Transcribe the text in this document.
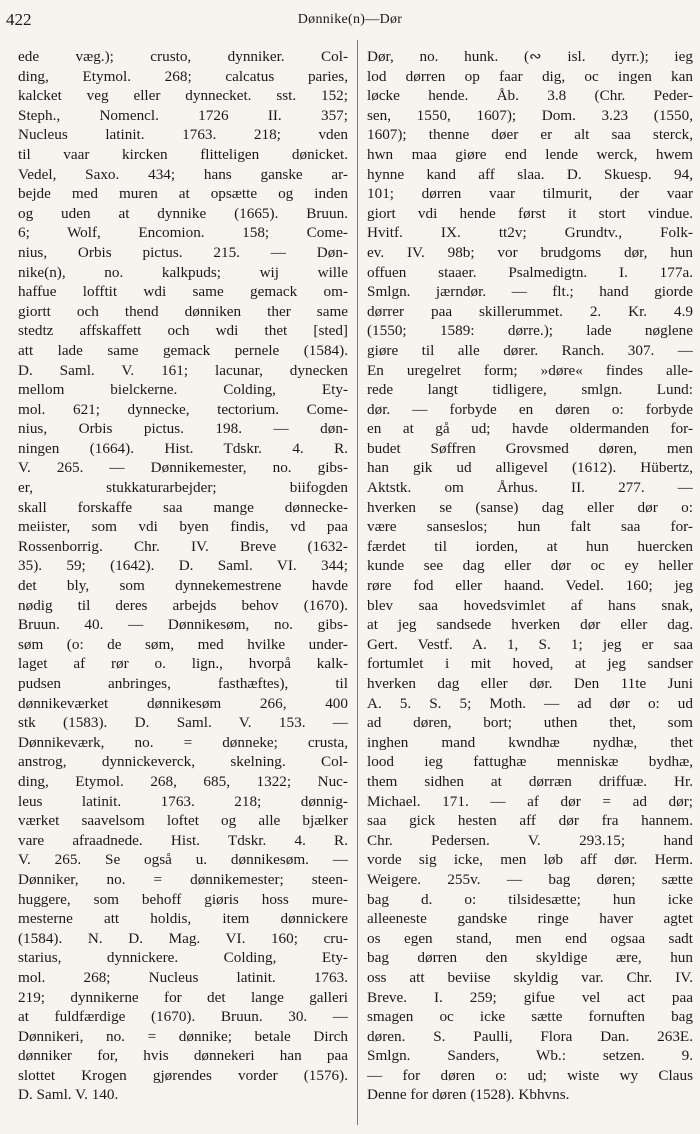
422	Dønnike(n)—Dør
ede væg.); crusto, dynniker. Col-
ding, Etymol. 268; calcatus paries,
kalcket veg eller dynnecket. sst. 152;
Steph., Nomencl. 1726 II. 357;
Nucleus latinit. 1763. 218; vden
til vaar kircken flitteligen dønicket.
Vedel, Saxo. 434; hans ganske ar-
bejde med muren at opsætte og inden
og uden at dynnike (1665). Bruun.
6; Wolf, Encomion. 158; Come-
nius, Orbis pictus. 215. — Døn-
nike(n), no. kalkpuds; wij wille
haffue lofftit wdi same gemack om-
giortt och thend dønniken ther same
stedtz affskaffett och wdi thet [sted]
att lade same gemack pernele (1584).
D. Saml. V. 161; lacunar, dynecken
mellom bielckerne. Colding, Ety-
mol. 621; dynnecke, tectorium. Come-
nius, Orbis pictus. 198. — døn-
ningen (1664). Hist. Tdskr. 4. R.
V. 265. — Dønnikemester, no. gibs-
er, stukkaturarbejder; biifogden
skall forskaffe saa mange dønnecke-
meiister, som vdi byen findis, vd paa
Rossenborrig. Chr. IV. Breve (1632-
35). 59; (1642). D. Saml. VI. 344;
det bly, som dynnekemestrene havde
nødig til deres arbejds behov (1670).
Bruun. 40. — Dønnikesøm, no. gibs-
søm (o: de søm, med hvilke under-
laget af rør o. lign., hvorpå kalk-
pudsen anbringes, fasthæftes), til
dønnikeværket dønnikesøm 266, 400
stk (1583). D. Saml. V. 153. —
Dønnikeværk, no. = dønneke; crusta,
anstrog, dynnickeverck, skelning. Col-
ding, Etymol. 268, 685, 1322; Nuc-
leus latinit. 1763. 218; dønnig-
værket saavelsom loftet og alle bjælker
vare afraadnede. Hist. Tdskr. 4. R.
V. 265. Se også u. dønnikesøm. —
Dønniker, no. = dønnikemester; steen-
huggere, som behoff giøris hoss mure-
mesterne att holdis, item dønnickere
(1584). N. D. Mag. VI. 160; cru-
starius, dynnickere. Colding, Ety-
mol. 268; Nucleus latinit. 1763.
219; dynnikerne for det lange galleri
at fuldfærdige (1670). Bruun. 30. —
Dønnikeri, no. = dønnike; betale Dirch
dønniker for, hvis dønnekeri han paa
slottet Krogen gjørendes vorder (1576).
D. Saml. V. 140.
Dør, no. hunk. (∾ isl. dyrr.); ieg
lod dørren op faar dig, oc ingen kan
løcke hende. Åb. 3.8 (Chr. Peder-
sen, 1550, 1607); Dom. 3.23 (1550,
1607); thenne døer er alt saa sterck,
hwn maa giøre end lende werck, hwem
hynne kand aff slaa. D. Skuesp. 94,
101; dørren vaar tilmurit, der vaar
giort vdi hende først it stort vindue.
Hvitf. IX. tt2v; Grundtv., Folk-
ev. IV. 98b; vor brudgoms dør, hun
offuen staaer. Psalmedigtn. I. 177a.
Smlgn. jærndør. — flt.; hand giorde
dørrer paa skillerummet. 2. Kr. 4.9
(1550; 1589: dørre.); lade nøglene
giøre til alle dører. Ranch. 307. —
En uregelret form; »døre« findes alle-
rede langt tidligere, smlgn. Lund:
dør. — forbyde en døren o: forbyde
en at gå ud; havde oldermanden for-
budet Søffren Grovsmed døren, men
han gik ud alligevel (1612). Hübertz,
Aktstk. om Århus. II. 277. —
hverken se (sanse) dag eller dør o:
være sanseslos; hun falt saa for-
færdet til iorden, at hun huercken
kunde see dag eller dør oc ey heller
røre fod eller haand. Vedel. 160; jeg
blev saa hovedsvimlet af hans snak,
at jeg sandsede hverken dør eller dag.
Gert. Vestf. A. 1, S. 1; jeg er saa
fortumlet i mit hoved, at jeg sandser
hverken dag eller dør. Den 11te Juni
A. 5. S. 5; Moth. — ad dør o: ud
ad døren, bort; uthen thet, som
inghen mand kwndhæ nydhæ, thet
lood ieg fattughæ menniskæ bydhæ,
them sidhen at dørræn driffuæ. Hr.
Michael. 171. — af dør = ad dør;
saa gick hesten aff dør fra hannem.
Chr. Pedersen. V. 293.15; hand
vorde sig icke, men løb aff dør. Herm.
Weigere. 255v. — bag døren; sætte
bag d. o: tilsidesætte; hun icke
alleeneste gandske ringe haver agtet
os egen stand, men end ogsaa sadt
bag dørren den skyldige ære, hun
oss att beviise skyldig var. Chr. IV.
Breve. I. 259; gifue vel act paa
smagen oc icke sætte fornuften bag
døren. S. Paulli, Flora Dan. 263E.
Smlgn. Sanders, Wb.: setzen. 9.
— for døren o: ud; wiste wy Claus
Denne for døren (1528). Kbhvns.
